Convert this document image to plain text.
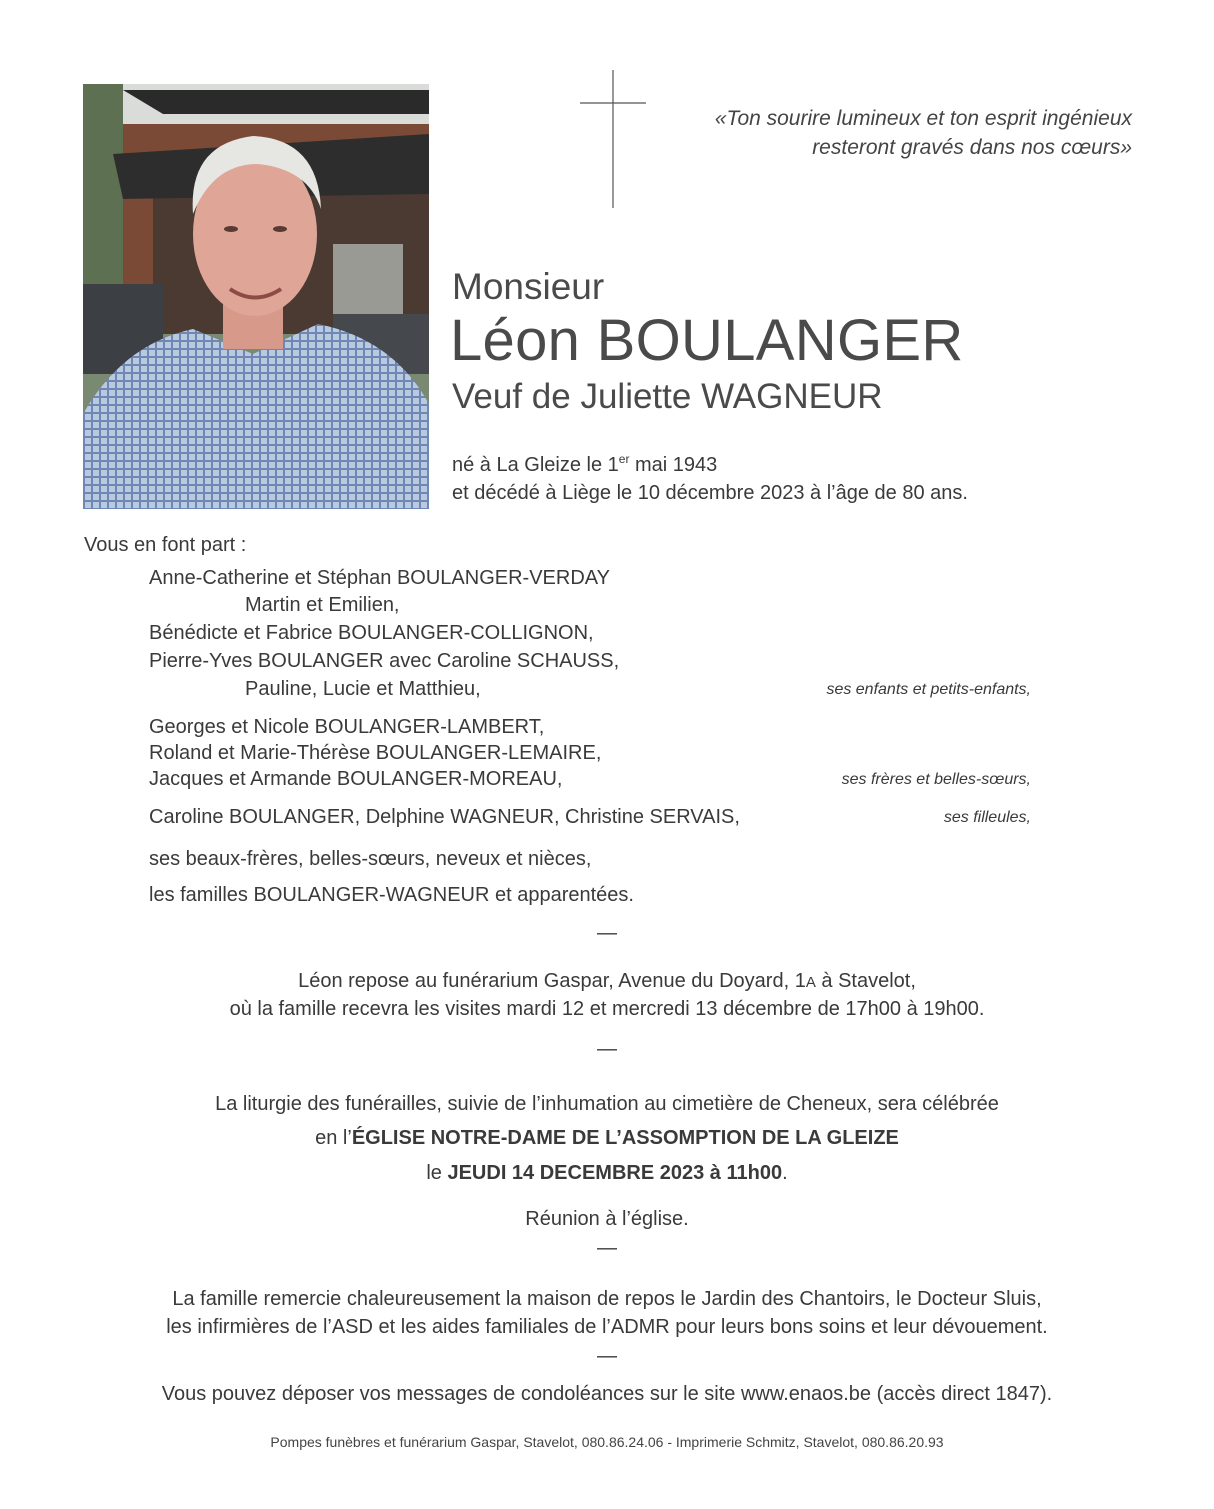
«Ton sourire lumineux et ton esprit ingénieux
resteront gravés dans nos cœurs»
Monsieur
Léon BOULANGER
Veuf de Juliette WAGNEUR
né à La Gleize le 1er mai 1943
et décédé à Liège le 10 décembre 2023 à l’âge de 80 ans.
Vous en font part :
Anne-Catherine et Stéphan BOULANGER-VERDAY
Martin et Emilien,
Bénédicte et Fabrice BOULANGER-COLLIGNON,
Pierre-Yves BOULANGER avec Caroline SCHAUSS,
Pauline, Lucie et Matthieu,	ses enfants et petits-enfants,
Georges et Nicole BOULANGER-LAMBERT,
Roland et Marie-Thérèse BOULANGER-LEMAIRE,
Jacques et Armande BOULANGER-MOREAU,	ses frères et belles-sœurs,
Caroline BOULANGER, Delphine WAGNEUR, Christine SERVAIS,	ses filleules,
ses beaux-frères, belles-sœurs, neveux et nièces,
les familles BOULANGER-WAGNEUR et apparentées.
—
Léon repose au funérarium Gaspar, Avenue du Doyard, 1A à Stavelot,
où la famille recevra les visites mardi 12 et mercredi 13 décembre de 17h00 à 19h00.
—
La liturgie des funérailles, suivie de l’inhumation au cimetière de Cheneux, sera célébrée
en l’ÉGLISE NOTRE-DAME DE L’ASSOMPTION DE LA GLEIZE
le JEUDI 14 DECEMBRE 2023 à 11h00.
Réunion à l’église.
—
La famille remercie chaleureusement la maison de repos le Jardin des Chantoirs, le Docteur Sluis,
les infirmières de l’ASD et les aides familiales de l’ADMR pour leurs bons soins et leur dévouement.
—
Vous pouvez déposer vos messages de condoléances sur le site www.enaos.be (accès direct 1847).
Pompes funèbres et funérarium Gaspar, Stavelot, 080.86.24.06 - Imprimerie Schmitz, Stavelot, 080.86.20.93
